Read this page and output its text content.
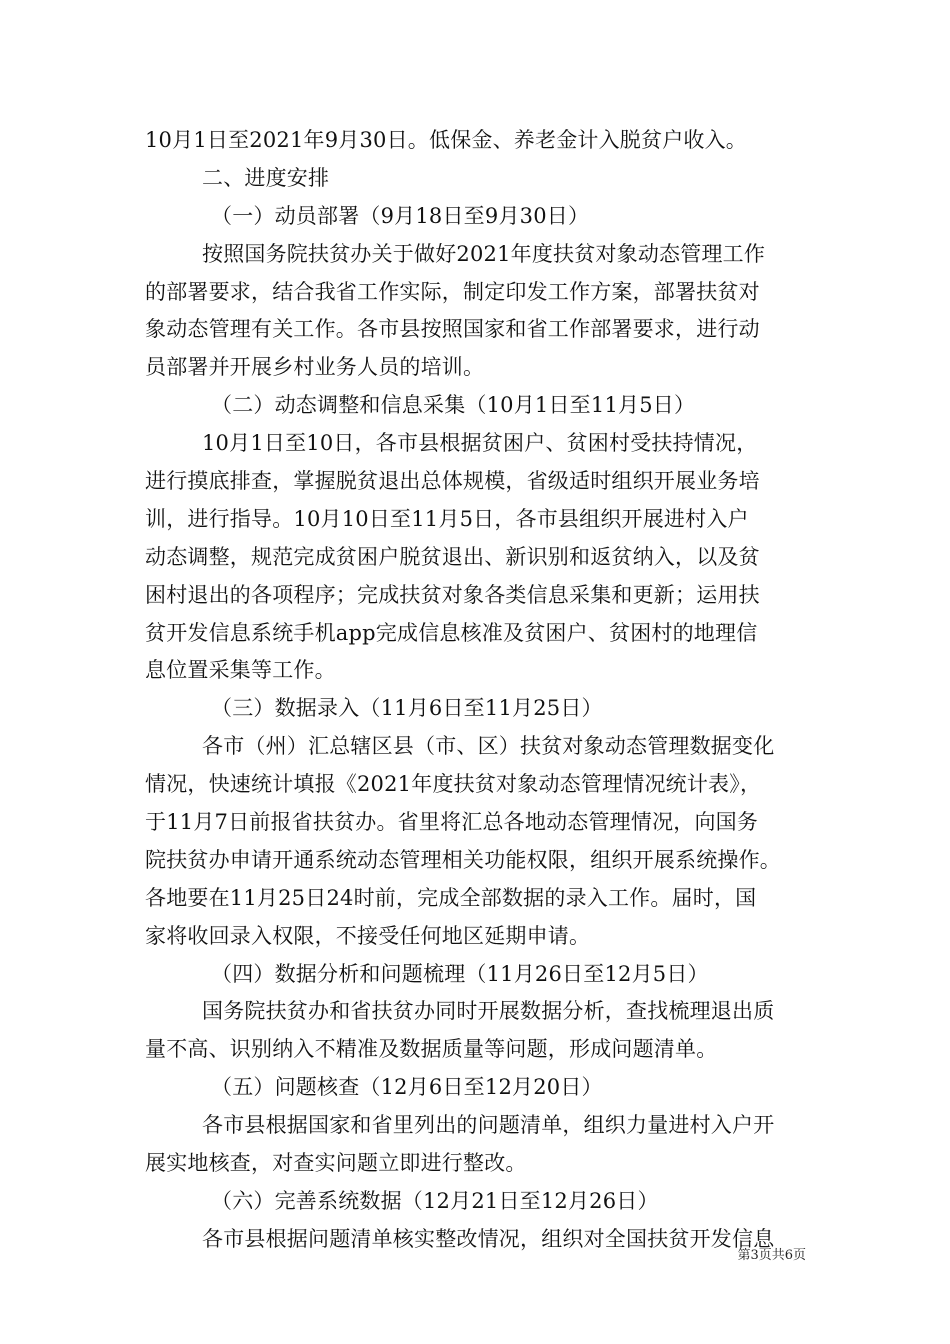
10月1日至2021年9月30日。低保金、养老金计入脱贫户收入。
二、进度安排
（一）动员部署（9月18日至9月30日）
按照国务院扶贫办关于做好2021年度扶贫对象动态管理工作
的部署要求，结合我省工作实际，制定印发工作方案，部署扶贫对
象动态管理有关工作。各市县按照国家和省工作部署要求，进行动
员部署并开展乡村业务人员的培训。
（二）动态调整和信息采集（10月1日至11月5日）
10月1日至10日，各市县根据贫困户、贫困村受扶持情况，
进行摸底排查，掌握脱贫退出总体规模，省级适时组织开展业务培
训，进行指导。10月10日至11月5日，各市县组织开展进村入户
动态调整，规范完成贫困户脱贫退出、新识别和返贫纳入，以及贫
困村退出的各项程序；完成扶贫对象各类信息采集和更新；运用扶
贫开发信息系统手机app完成信息核准及贫困户、贫困村的地理信
息位置采集等工作。
（三）数据录入（11月6日至11月25日）
各市（州）汇总辖区县（市、区）扶贫对象动态管理数据变化
情况，快速统计填报《2021年度扶贫对象动态管理情况统计表》，
于11月7日前报省扶贫办。省里将汇总各地动态管理情况，向国务
院扶贫办申请开通系统动态管理相关功能权限，组织开展系统操作。
各地要在11月25日24时前，完成全部数据的录入工作。届时，国
家将收回录入权限，不接受任何地区延期申请。
（四）数据分析和问题梳理（11月26日至12月5日）
国务院扶贫办和省扶贫办同时开展数据分析，查找梳理退出质
量不高、识别纳入不精准及数据质量等问题，形成问题清单。
（五）问题核查（12月6日至12月20日）
各市县根据国家和省里列出的问题清单，组织力量进村入户开
展实地核查，对查实问题立即进行整改。
（六）完善系统数据（12月21日至12月26日）
各市县根据问题清单核实整改情况，组织对全国扶贫开发信息
第3页共6页
